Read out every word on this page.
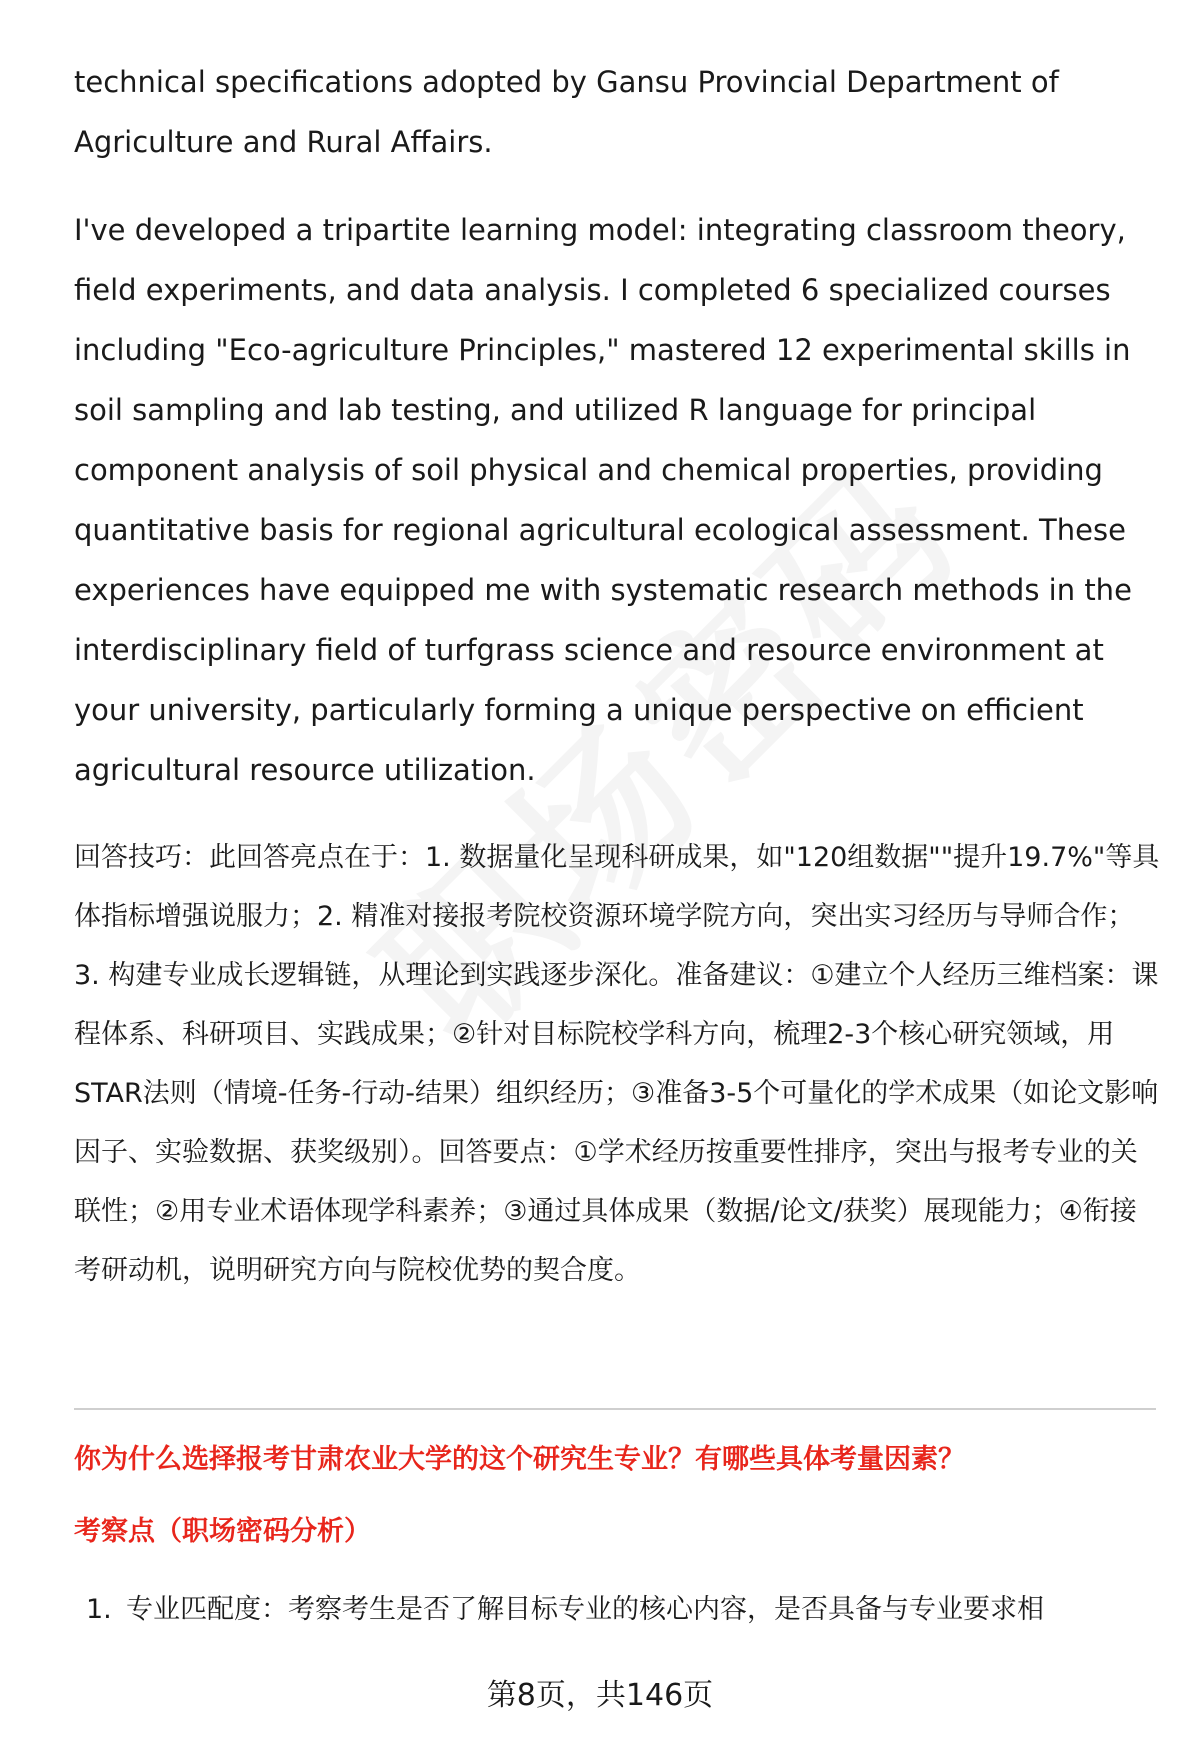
technical specifications adopted by Gansu Provincial Department of Agriculture and Rural Affairs.

I've developed a tripartite learning model: integrating classroom theory, field experiments, and data analysis. I completed 6 specialized courses including "Eco-agriculture Principles," mastered 12 experimental skills in soil sampling and lab testing, and utilized R language for principal component analysis of soil physical and chemical properties, providing quantitative basis for regional agricultural ecological assessment. These experiences have equipped me with systematic research methods in the interdisciplinary field of turfgrass science and resource environment at your university, particularly forming a unique perspective on efficient agricultural resource utilization.

回答技巧：此回答亮点在于：1. 数据量化呈现科研成果，如"120组数据""提升19.7%"等具体指标增强说服力；2. 精准对接报考院校资源环境学院方向，突出实习经历与导师合作；3. 构建专业成长逻辑链，从理论到实践逐步深化。准备建议：①建立个人经历三维档案：课程体系、科研项目、实践成果；②针对目标院校学科方向，梳理2-3个核心研究领域，用STAR法则（情境-任务-行动-结果）组织经历；③准备3-5个可量化的学术成果（如论文影响因子、实验数据、获奖级别）。回答要点：①学术经历按重要性排序，突出与报考专业的关联性；②用专业术语体现学科素养；③通过具体成果（数据/论文/获奖）展现能力；④衔接考研动机，说明研究方向与院校优势的契合度。

你为什么选择报考甘肃农业大学的这个研究生专业？有哪些具体考量因素？
考察点（职场密码分析）
1. 专业匹配度：考察考生是否了解目标专业的核心内容，是否具备与专业要求相
第8页，共146页
